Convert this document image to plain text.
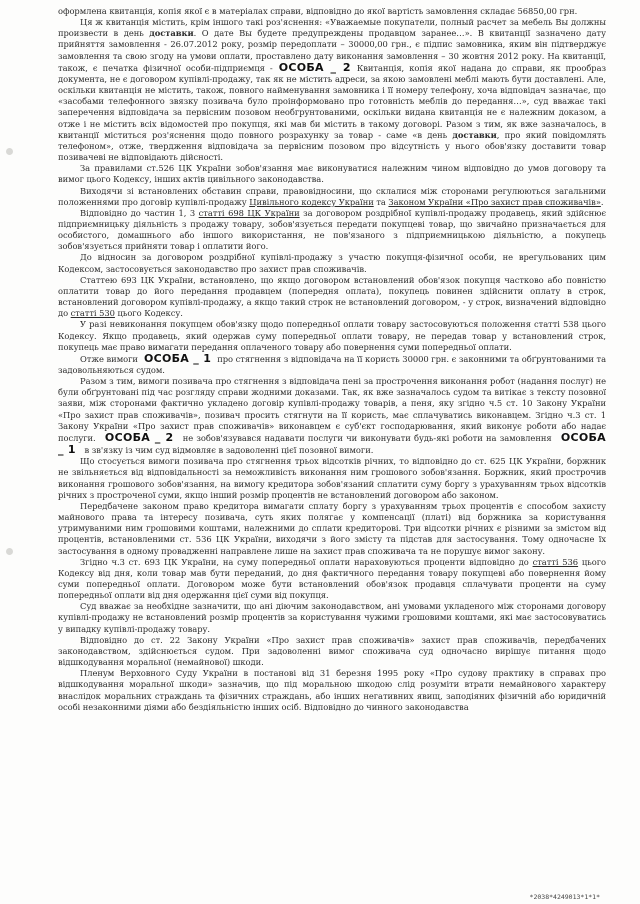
оформлена квитанція, копія якої є в матеріалах справи, відповідно до якої вартість замовлення складає 56850,00 грн.

Ця ж квитанція містить, крім іншого такі роз'яснення: «Уважаемые покупатели, полный расчет за мебель Вы должны произвести в день доставки. О дате Вы будете предупреждены продавцом заранее…». В квитанції зазначено дату прийняття замовлення - 26.07.2012 року, розмір передоплати – 30000,00 грн., є підпис замовника, яким він підтверджує замовлення та свою згоду на умови оплати, проставлено дату виконання замовлення – 30 жовтня 2012 року. На квитанції, також, є печатка фізичної особи-підприємця - ОСОБА _ 2 Квитанція, копія якої надана до справи, як прообраз документа, не є договором купівлі-продажу, так як не містить адреси, за якою замовлені меблі мають бути доставлені. Але, оскільки квитанція не містить, також, повного найменування замовника і її номеру телефону, хоча відповідач зазначає, що «засобами телефонного звязку позивача було проінформовано про готовність меблів до передання…», суд вважає такі заперечення відповідача за первісним позовом необгрунтованими, оскільки видана квитанція не є належним доказом, а отже і не містить всіх відомостей про покупця, які мав би містить в такому договорі. Разом з тим, як вже зазначалось, в квитанції міститься роз'яснення щодо повного розрахунку за товар - саме «в день доставки, про який повідомлять телефоном», отже, твердження відповідача за первісним позовом про відсутність у нього обов'язку доставити товар позивачеві не відповідають дійсності.

За правилами ст.526 ЦК України зобов'язання має виконуватися належним чином відповідно до умов договору та вимог цього Кодексу, інших актів цивільного законодавства.

Виходячи зі встановлених обставин справи, правовідносини, що склалися між сторонами регулюються загальними положеннями про договір купівлі-продажу Цивільного кодексу України та Законом України «Про захист прав споживачів».

Відповідно до частин 1, 3 статті 698 ЦК України за договором роздрібної купівлі-продажу продавець, який здійснює підприємницьку діяльність з продажу товару, зобов'язується передати покупцеві товар, що звичайно призначається для особистого, домашнього або іншого використання, не пов'язаного з підприємницькою діяльністю, а покупець зобов'язується прийняти товар і оплатити його.

До відносин за договором роздрібної купівлі-продажу з участю покупця-фізичної особи, не врегульованих цим Кодексом, застосовується законодавство про захист прав споживачів.

Статтею 693 ЦК України, встановлено, що якщо договором встановлений обов'язок покупця частково або повністю оплатити товар до його передання продавцем (попередня оплата), покупець повинен здійснити оплату в строк, встановлений договором купівлі-продажу, а якщо такий строк не встановлений договором, - у строк, визначений відповідно до статті 530 цього Кодексу.

У разі невиконання покупцем обов'язку щодо попередньої оплати товару застосовуються положення статті 538 цього Кодексу. Якщо продавець, який одержав суму попередньої оплати товару, не передав товар у встановлений строк, покупець має право вимагати передання оплаченого товару або повернення суми попередньої оплати.

Отже вимоги ОСОБА _ 1 про стягнення з відповідача на її користь 30000 грн. є законними та обґрунтованими та задовольняються судом.

Разом з тим, вимоги позивача про стягнення з відповідача пені за прострочення виконання робот (надання послуг) не були обґрунтовані під час розгляду справи жодними доказами. Так, як вже зазначалось судом та витікає з тексту позовної заяви, між сторонами фактично укладено договір купівлі-продажу товарів, а пеня, яку згідно ч.5 ст. 10 Закону України «Про захист прав споживачів», позивач просить стягнути на її користь, має сплачуватись виконавцем. Згідно ч.3 ст. 1 Закону України «Про захист прав споживачів» виконавцем є суб'єкт господарювання, який виконує роботи або надає послуги. ОСОБА _ 2 не зобов'язувався надавати послуги чи виконувати будь-які роботи на замовлення ОСОБА _ 1 в зв'язку із чим суд відмовляє в задоволенні цієї позовної вимоги.

Що стосується вимоги позивача про стягнення трьох відсотків річних, то відповідно до ст. 625 ЦК України, боржник не звільняється від відповідальності за неможливість виконання ним грошового зобов'язання. Боржник, який прострочив виконання грошового зобов'язання, на вимогу кредитора зобов'язаний сплатити суму боргу з урахуванням трьох відсотків річних з простроченої суми, якщо інший розмір процентів не встановлений договором або законом.

Передбачене законом право кредитора вимагати сплату боргу з урахуванням трьох процентів є способом захисту майнового права та інтересу позивача, суть яких полягає у компенсації (платі) від боржника за користування утримуваними ним грошовими коштами, належними до сплати кредиторові. Три відсотки річних є різними за змістом від процентів, встановленими ст. 536 ЦК України, виходячи з його змісту та підстав для застосування. Тому одночасне їх застосування в одному провадженні направлене лише на захист прав споживача та не порушує вимог закону.

Згідно ч.3 ст. 693 ЦК України, на суму попередньої оплати нараховуються проценти відповідно до статті 536 цього Кодексу від дня, коли товар мав бути переданий, до дня фактичного передання товару покупцеві або повернення йому суми попередньої оплати. Договором може бути встановлений обов'язок продавця сплачувати проценти на суму попередньої оплати від дня одержання цієї суми від покупця.

Суд вважає за необхідне зазначити, що ані діючим законодавством, ані умовами укладеного між сторонами договору купівлі-продажу не встановлений розмір процентів за користування чужими грошовими коштами, які має застосовуватись у випадку купівлі-продажу товару.

Відповідно до ст. 22 Закону України «Про захист прав споживачів» захист прав споживачів, передбачених законодавством, здійснюється судом. При задоволенні вимог споживача суд одночасно вирішує питання щодо відшкодування моральної (немайнової) шкоди.

Пленум Верховного Суду України в постанові від 31 березня 1995 року «Про судову практику в справах про відшкодування моральної шкоди» зазначив, що під моральною шкодою слід розуміти втрати немайнового характеру внаслідок моральних страждань та фізичних страждань, або інших негативних явищ, заподіяних фізичній або юридичній особі незаконними діями або бездіяльністю інших осіб. Відповідно до чинного законодавства

*2038*4249013*1*1*
